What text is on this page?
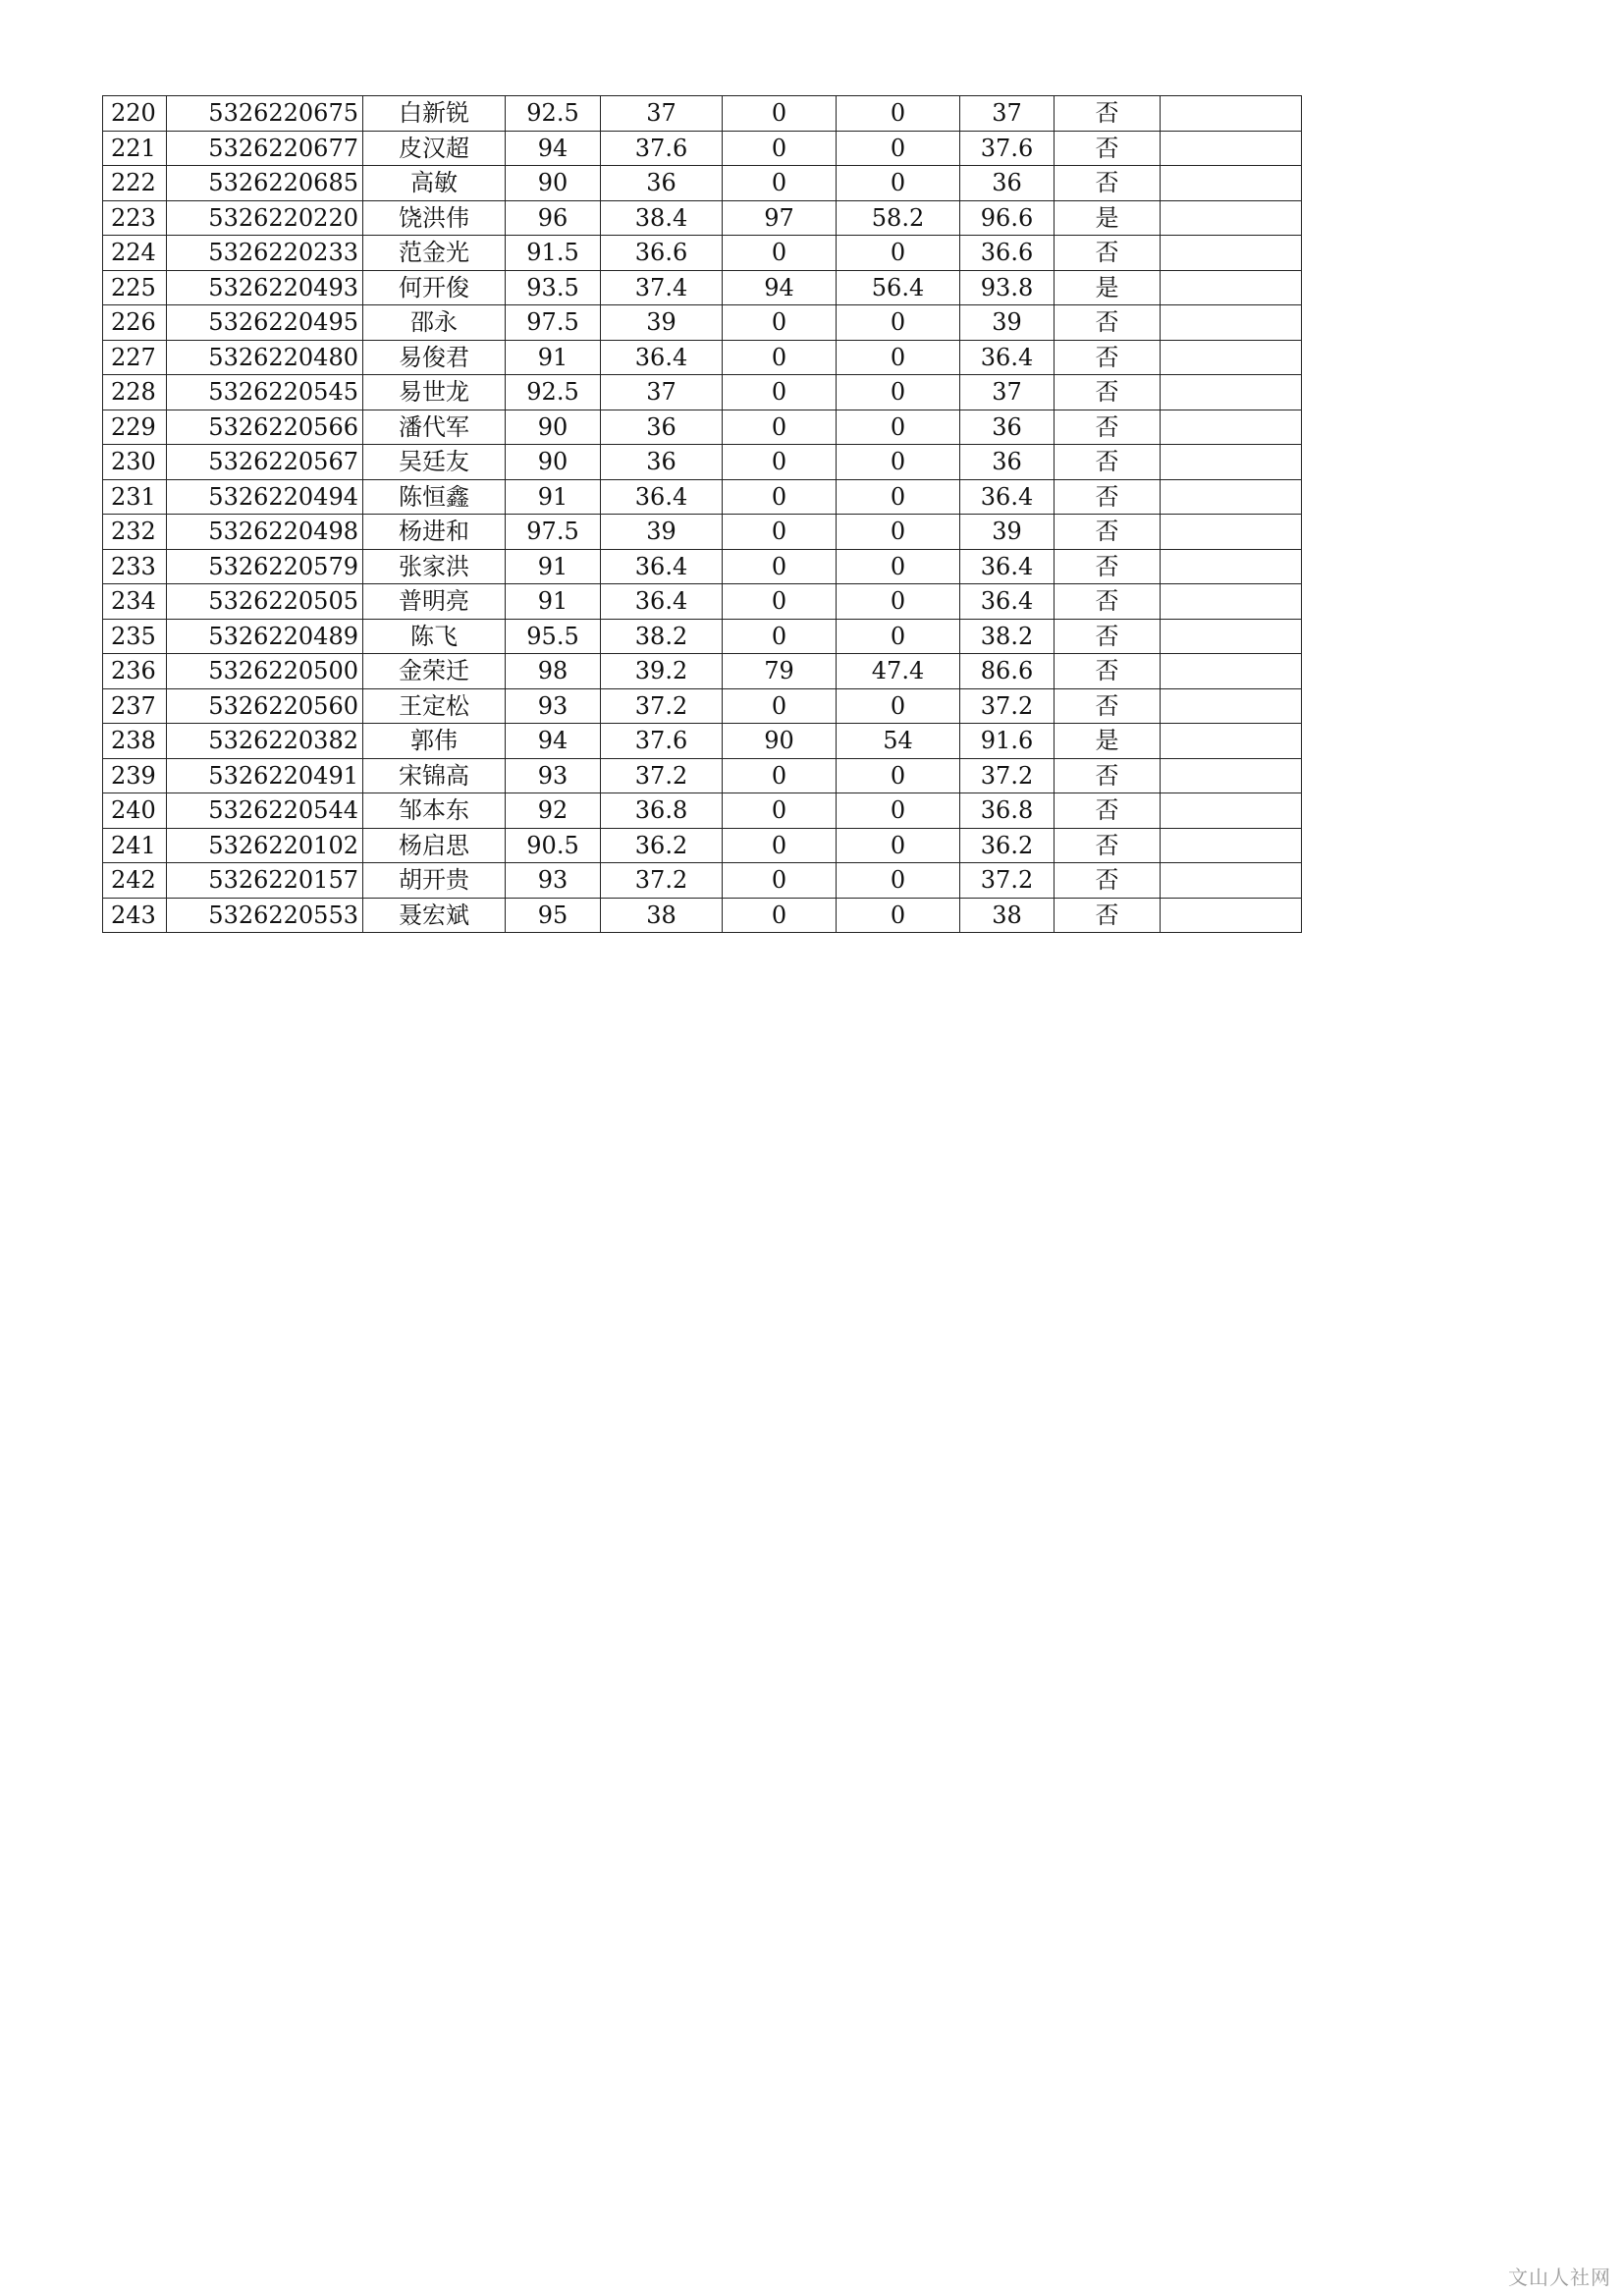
220	5326220675	白新锐	92.5	37	0	0	37	否	
221	5326220677	皮汉超	94	37.6	0	0	37.6	否	
222	5326220685	高敏	90	36	0	0	36	否	
223	5326220220	饶洪伟	96	38.4	97	58.2	96.6	是	
224	5326220233	范金光	91.5	36.6	0	0	36.6	否	
225	5326220493	何开俊	93.5	37.4	94	56.4	93.8	是	
226	5326220495	邵永	97.5	39	0	0	39	否	
227	5326220480	易俊君	91	36.4	0	0	36.4	否	
228	5326220545	易世龙	92.5	37	0	0	37	否	
229	5326220566	潘代军	90	36	0	0	36	否	
230	5326220567	吴廷友	90	36	0	0	36	否	
231	5326220494	陈恒鑫	91	36.4	0	0	36.4	否	
232	5326220498	杨进和	97.5	39	0	0	39	否	
233	5326220579	张家洪	91	36.4	0	0	36.4	否	
234	5326220505	普明亮	91	36.4	0	0	36.4	否	
235	5326220489	陈飞	95.5	38.2	0	0	38.2	否	
236	5326220500	金荣迁	98	39.2	79	47.4	86.6	否	
237	5326220560	王定松	93	37.2	0	0	37.2	否	
238	5326220382	郭伟	94	37.6	90	54	91.6	是	
239	5326220491	宋锦高	93	37.2	0	0	37.2	否	
240	5326220544	邹本东	92	36.8	0	0	36.8	否	
241	5326220102	杨启思	90.5	36.2	0	0	36.2	否	
242	5326220157	胡开贵	93	37.2	0	0	37.2	否	
243	5326220553	聂宏斌	95	38	0	0	38	否	
文山人社网
